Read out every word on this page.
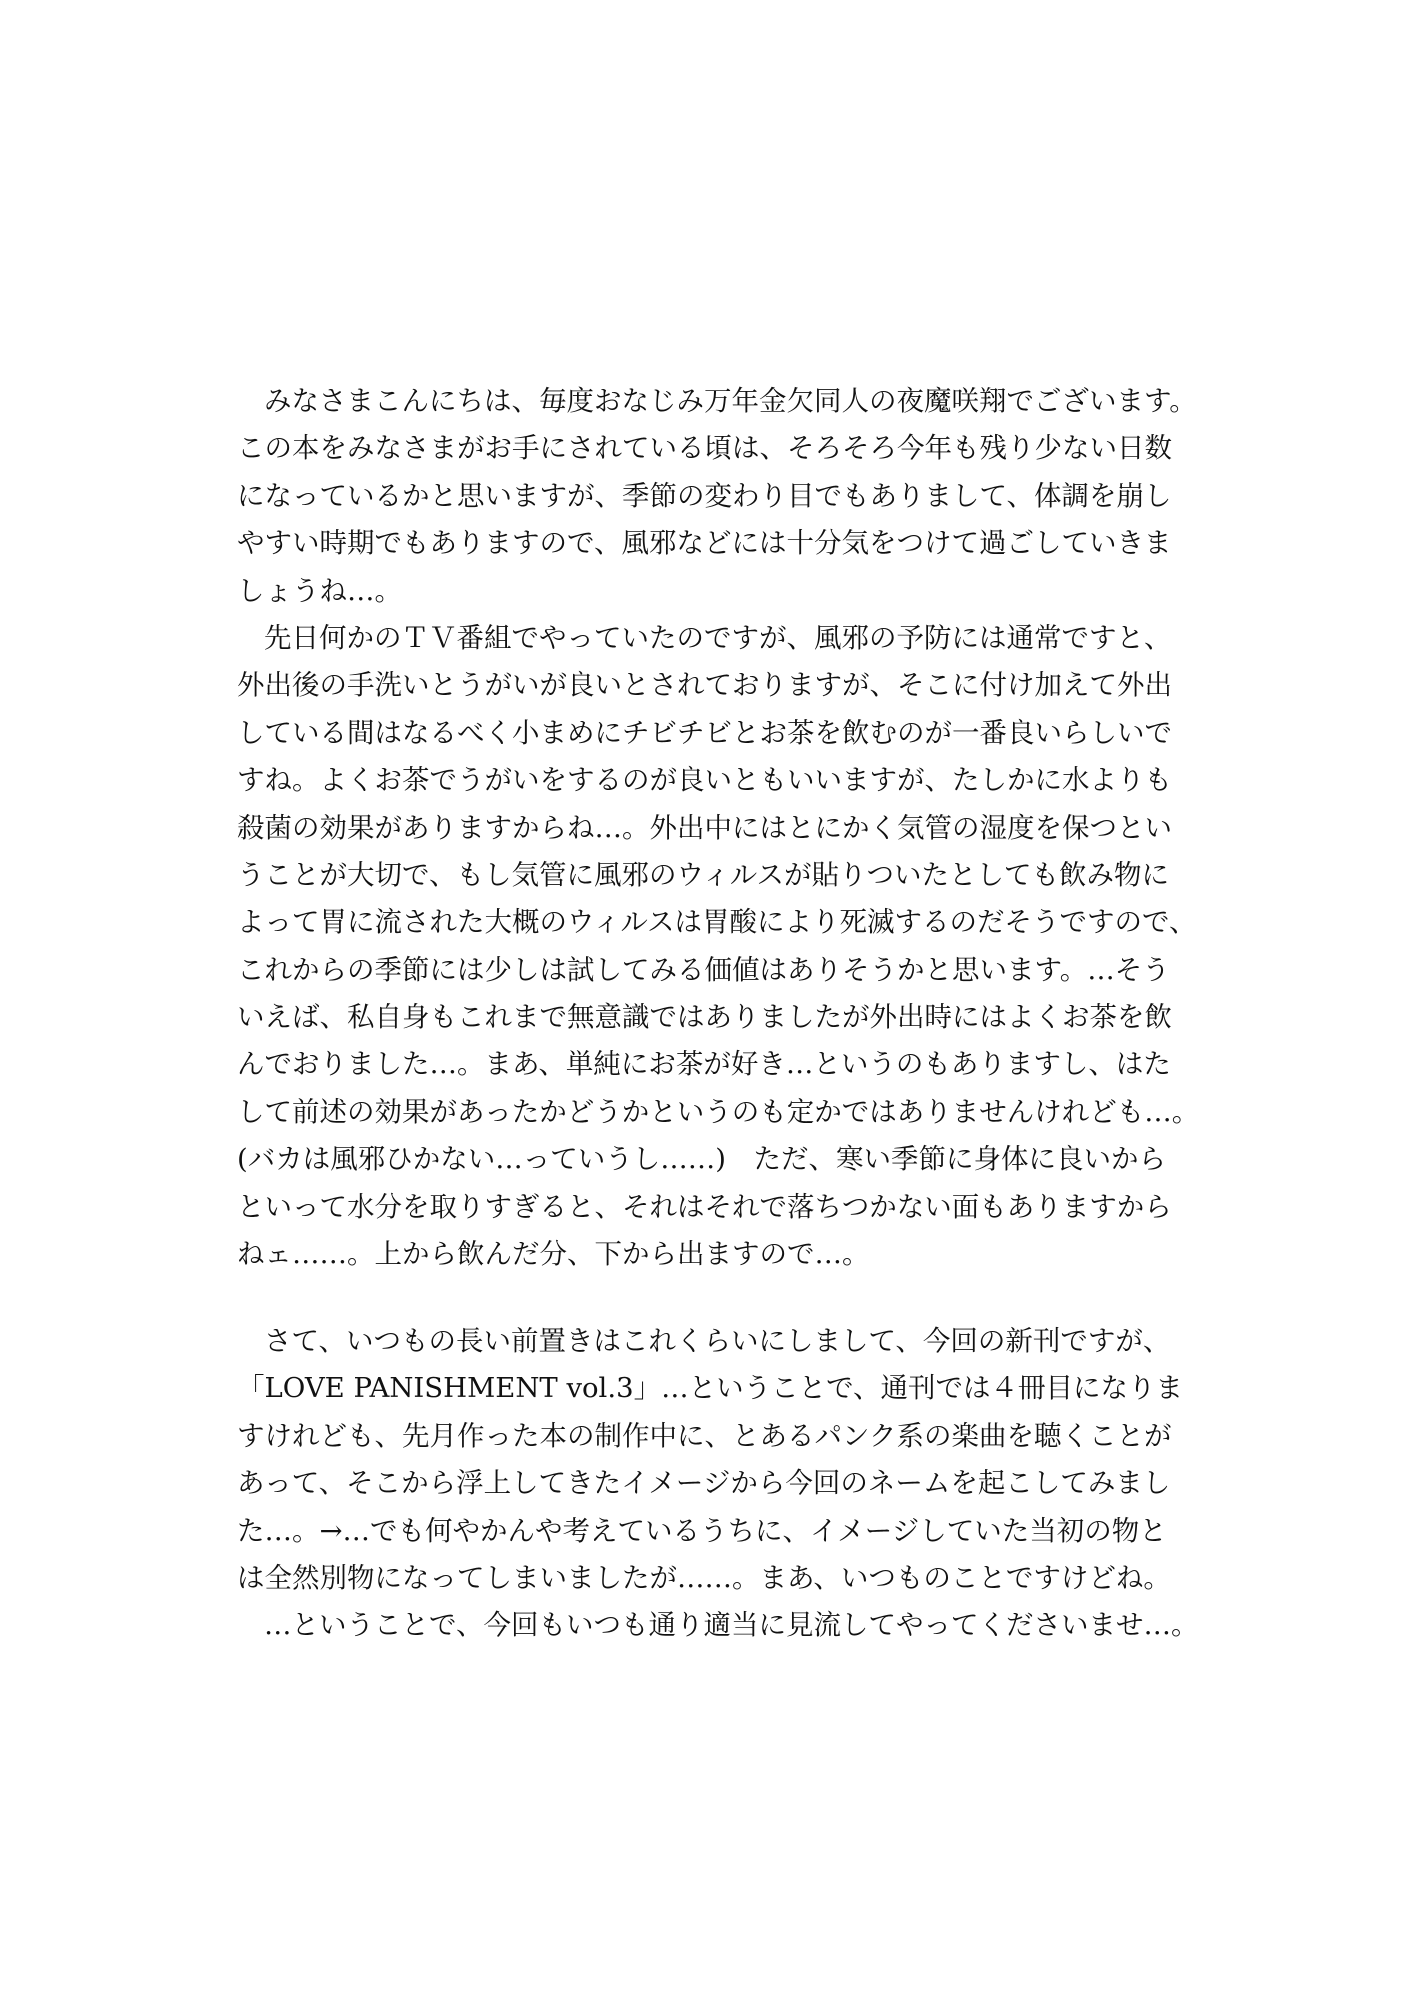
みなさまこんにちは、毎度おなじみ万年金欠同人の夜魔咲翔でございます。
この本をみなさまがお手にされている頃は、そろそろ今年も残り少ない日数
になっているかと思いますが、季節の変わり目でもありまして、体調を崩し
やすい時期でもありますので、風邪などには十分気をつけて過ごしていきま
しょうね…。
先日何かのＴＶ番組でやっていたのですが、風邪の予防には通常ですと、
外出後の手洗いとうがいが良いとされておりますが、そこに付け加えて外出
している間はなるべく小まめにチビチビとお茶を飲むのが一番良いらしいで
すね。よくお茶でうがいをするのが良いともいいますが、たしかに水よりも
殺菌の効果がありますからね…。外出中にはとにかく気管の湿度を保つとい
うことが大切で、もし気管に風邪のウィルスが貼りついたとしても飲み物に
よって胃に流された大概のウィルスは胃酸により死滅するのだそうですので、
これからの季節には少しは試してみる価値はありそうかと思います。…そう
いえば、私自身もこれまで無意識ではありましたが外出時にはよくお茶を飲
んでおりました…。まあ、単純にお茶が好き…というのもありますし、はた
して前述の効果があったかどうかというのも定かではありませんけれども…。
(バカは風邪ひかない…っていうし……)　ただ、寒い季節に身体に良いから
といって水分を取りすぎると、それはそれで落ちつかない面もありますから
ねェ……。上から飲んだ分、下から出ますので…。
さて、いつもの長い前置きはこれくらいにしまして、今回の新刊ですが、
「LOVE PANISHMENT vol.3」…ということで、通刊では４冊目になりま
すけれども、先月作った本の制作中に、とあるパンク系の楽曲を聴くことが
あって、そこから浮上してきたイメージから今回のネームを起こしてみまし
た…。→…でも何やかんや考えているうちに、イメージしていた当初の物と
は全然別物になってしまいましたが……。まあ、いつものことですけどね。
…ということで、今回もいつも通り適当に見流してやってくださいませ…。
